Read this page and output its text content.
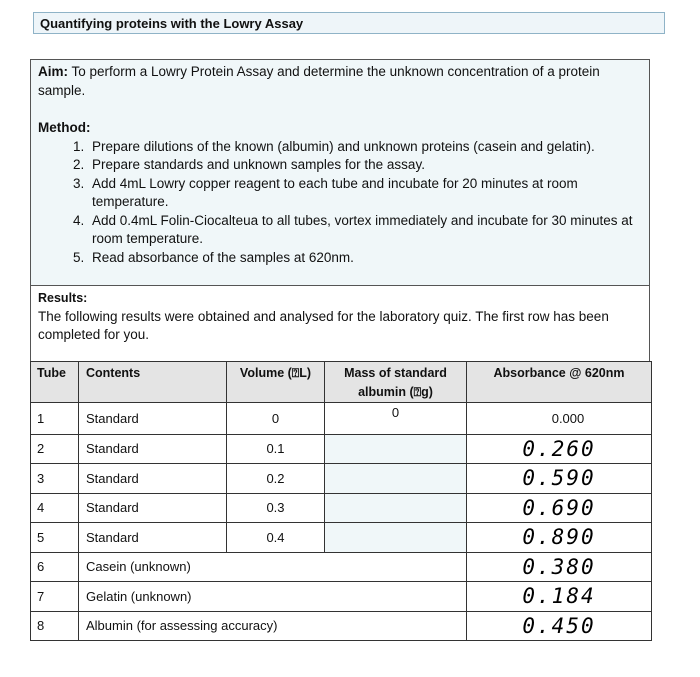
Quantifying proteins with the Lowry Assay
Aim: To perform a Lowry Protein Assay and determine the unknown concentration of a protein sample.
Method:
1. Prepare dilutions of the known (albumin) and unknown proteins (casein and gelatin).
2. Prepare standards and unknown samples for the assay.
3. Add 4mL Lowry copper reagent to each tube and incubate for 20 minutes at room temperature.
4. Add 0.4mL Folin-Ciocalteua to all tubes, vortex immediately and incubate for 30 minutes at room temperature.
5. Read absorbance of the samples at 620nm.
Results:
The following results were obtained and analysed for the laboratory quiz. The first row has been completed for you.
Tube	Contents	Volume (⍰L)	Mass of standard albumin (⍰g)	Absorbance @ 620nm
1	Standard	0	0	0.000
2	Standard	0.1		0.260
3	Standard	0.2		0.590
4	Standard	0.3		0.690
5	Standard	0.4		0.890
6	Casein (unknown)			0.380
7	Gelatin (unknown)			0.184
8	Albumin (for assessing accuracy)			0.450
